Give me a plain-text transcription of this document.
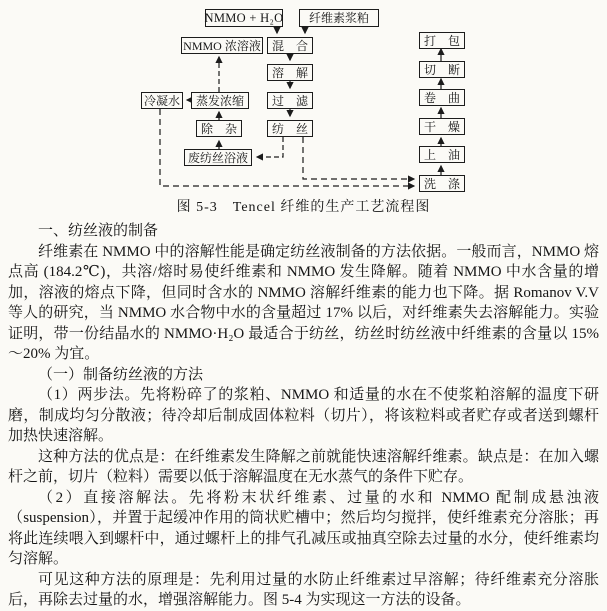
NMMO + H₂O	纤维素浆粕
NMMO 浓溶液 混　合
溶　解
过　滤
纺　丝
冷凝水	蒸发浓缩
除　杂
废纺丝浴液
打　包
切　断
卷　曲
干　燥
上　油
洗　涤
图 5-3　Tencel 纤维的生产工艺流程图

一、纺丝液的制备

纤维素在 NMMO 中的溶解性能是确定纺丝液制备的方法依据。一般而言，NMMO 熔点高 (184.2℃)，共溶/熔时易使纤维素和 NMMO 发生降解。随着 NMMO 中水含量的增加，溶液的熔点下降，但同时含水的 NMMO 溶解纤维素的能力也下降。据 Romanov V.V 等人的研究，当 NMMO 水合物中水的含量超过 17% 以后，对纤维素失去溶解能力。实验证明，带一份结晶水的 NMMO·H₂O 最适合于纺丝，纺丝时纺丝液中纤维素的含量以 15%～20% 为宜。

（一）制备纺丝液的方法

（1）两步法。先将粉碎了的浆粕、NMMO 和适量的水在不使浆粕溶解的温度下研磨，制成均匀分散液；待冷却后制成固体粒料（切片），将该粒料或者贮存或者送到螺杆加热快速溶解。

这种方法的优点是：在纤维素发生降解之前就能快速溶解纤维素。缺点是：在加入螺杆之前，切片（粒料）需要以低于溶解温度在无水蒸气的条件下贮存。

（2）直接溶解法。先将粉末状纤维素、过量的水和 NMMO 配制成悬浊液（suspension），并置于起缓冲作用的筒状贮槽中；然后均匀搅拌，使纤维素充分溶胀；再将此连续喂入到螺杆中，通过螺杆上的排气孔减压或抽真空除去过量的水分，使纤维素均匀溶解。

可见这种方法的原理是：先利用过量的水防止纤维素过早溶解；待纤维素充分溶胀后，再除去过量的水，增强溶解能力。图 5-4 为实现这一方法的设备。
